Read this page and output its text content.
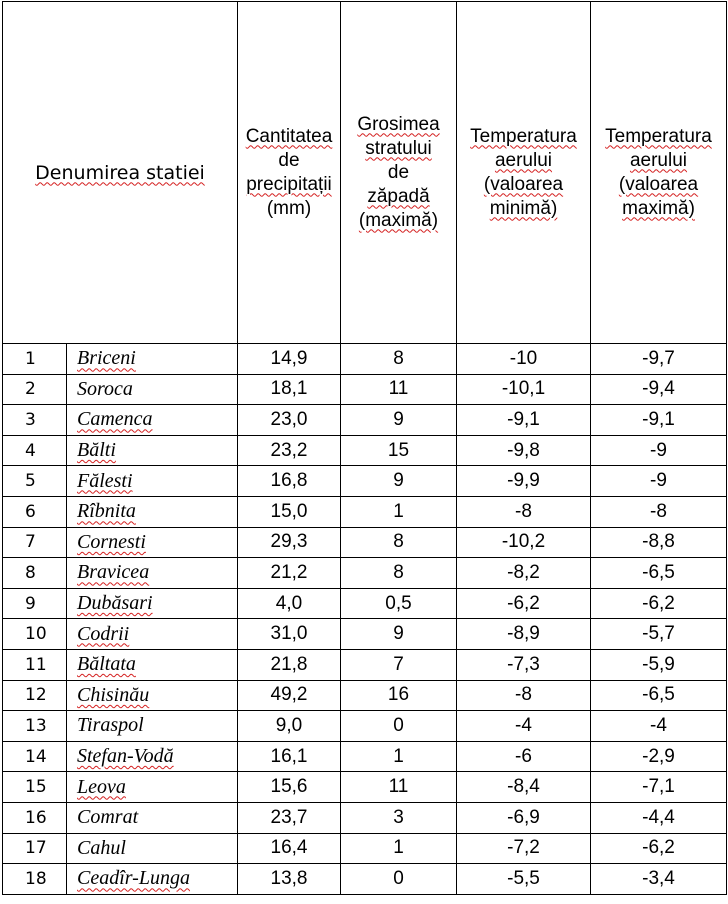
Denumirea statiei		Cantitatea
de
precipitații
(mm)	Grosimea
stratului
de
zăpadă
(maximă)	Temperatura
aerului
(valoarea
minimă)	Temperatura
aerului
(valoarea
maximă)

1	Briceni	14,9	8	-10	-9,7
2	Soroca	18,1	11	-10,1	-9,4
3	Camenca	23,0	9	-9,1	-9,1
4	Bălti	23,2	15	-9,8	-9
5	Fălesti	16,8	9	-9,9	-9
6	Rîbnita	15,0	1	-8	-8
7	Cornesti	29,3	8	-10,2	-8,8
8	Bravicea	21,2	8	-8,2	-6,5
9	Dubăsari	4,0	0,5	-6,2	-6,2
10	Codrii	31,0	9	-8,9	-5,7
11	Băltata	21,8	7	-7,3	-5,9
12	Chisinău	49,2	16	-8	-6,5
13	Tiraspol	9,0	0	-4	-4
14	Stefan-Vodă	16,1	1	-6	-2,9
15	Leova	15,6	11	-8,4	-7,1
16	Comrat	23,7	3	-6,9	-4,4
17	Cahul	16,4	1	-7,2	-6,2
18	Ceadîr-Lunga	13,8	0	-5,5	-3,4
